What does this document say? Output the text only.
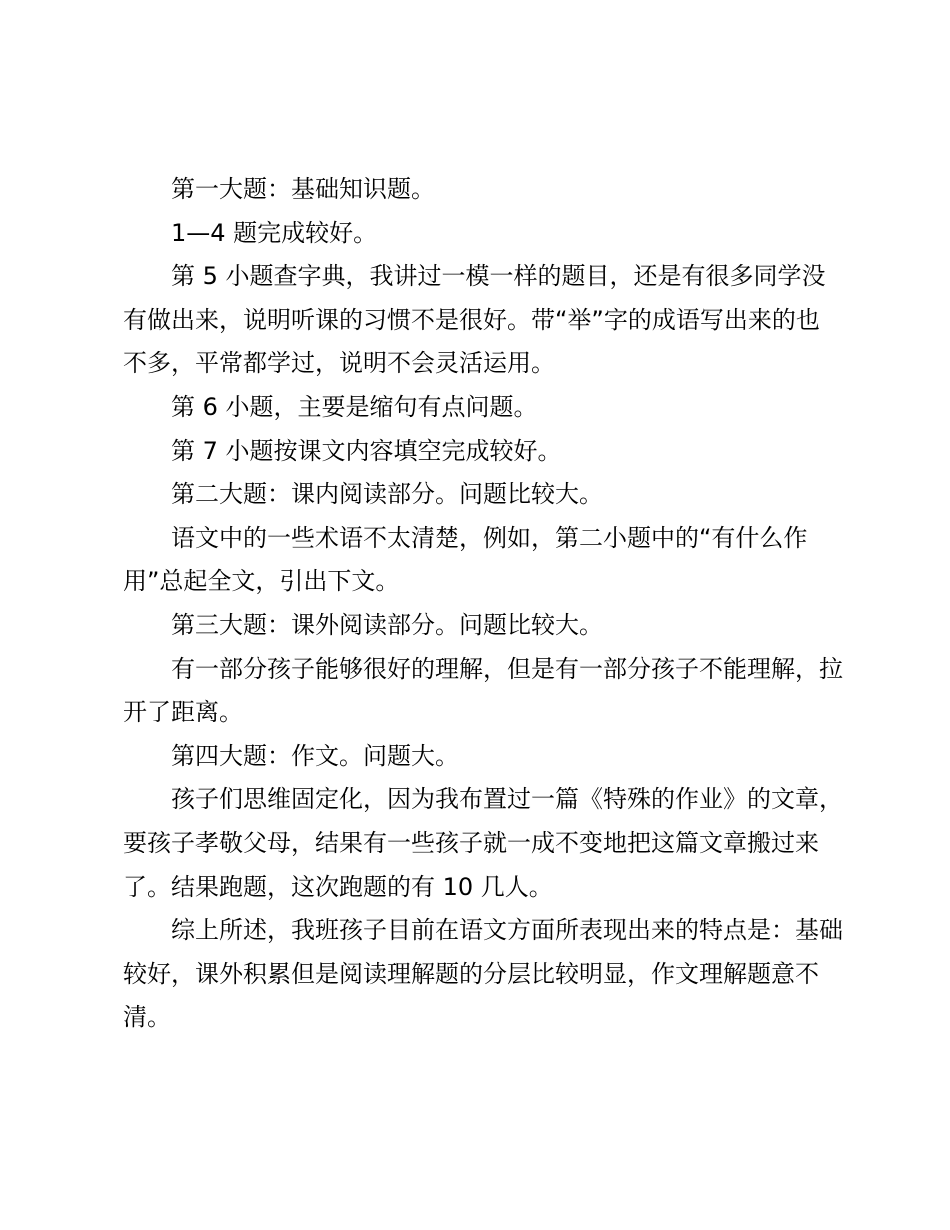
第一大题：基础知识题。

1—4 题完成较好。

第 5 小题查字典，我讲过一模一样的题目，还是有很多同学没有做出来，说明听课的习惯不是很好。带“举”字的成语写出来的也不多，平常都学过，说明不会灵活运用。

第 6 小题，主要是缩句有点问题。

第 7 小题按课文内容填空完成较好。

第二大题：课内阅读部分。问题比较大。

语文中的一些术语不太清楚，例如，第二小题中的“有什么作用”总起全文，引出下文。

第三大题：课外阅读部分。问题比较大。

有一部分孩子能够很好的理解，但是有一部分孩子不能理解，拉开了距离。

第四大题：作文。问题大。

孩子们思维固定化，因为我布置过一篇《特殊的作业》的文章，要孩子孝敬父母，结果有一些孩子就一成不变地把这篇文章搬过来了。结果跑题，这次跑题的有 10 几人。

综上所述，我班孩子目前在语文方面所表现出来的特点是：基础较好，课外积累但是阅读理解题的分层比较明显，作文理解题意不清。
